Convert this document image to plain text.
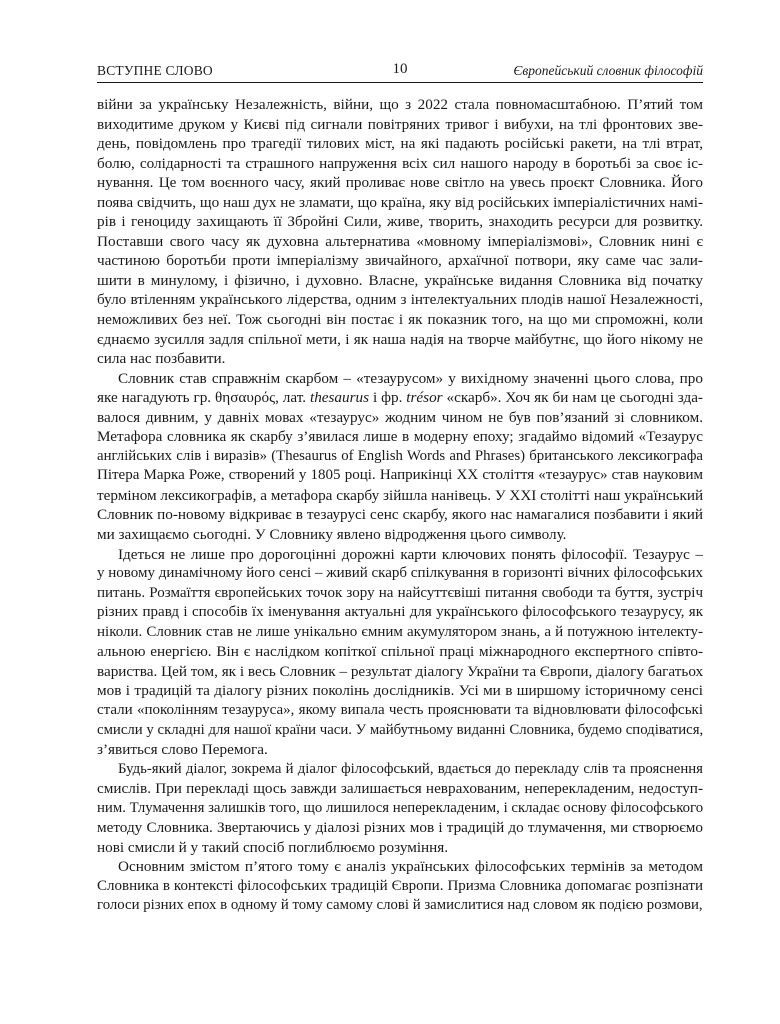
ВСТУПНЕ СЛОВО	10	Європейський словник філософій
війни за українську Незалежність, війни, що з 2022 стала повномасштабною. П’ятий том
виходитиме друком у Києві під сигнали повітряних тривог і вибухи, на тлі фронтових зве-
день, повідомлень про трагедії тилових міст, на які падають російські ракети, на тлі втрат,
болю, солідарності та страшного напруження всіх сил нашого народу в боротьбі за своє іс-
нування. Це том воєнного часу, який проливає нове світло на увесь проєкт Словника. Його
поява свідчить, що наш дух не зламати, що країна, яку від російських імперіалістичних намі-
рів і геноциду захищають її Збройні Сили, живе, творить, знаходить ресурси для розвитку.
Поставши свого часу як духовна альтернатива «мовному імперіалізмові», Словник нині є
частиною боротьби проти імперіалізму звичайного, архаїчної потвори, яку саме час зали-
шити в минулому, і фізично, і духовно. Власне, українське видання Словника від початку
було втіленням українського лідерства, одним з інтелектуальних плодів нашої Незалежності,
неможливих без неї. Тож сьогодні він постає і як показник того, на що ми спроможні, коли
єднаємо зусилля задля спільної мети, і як наша надія на творче майбутнє, що його нікому не
сила нас позбавити.
Словник став справжнім скарбом – «тезаурусом» у вихідному значенні цього слова, про
яке нагадують гр. θησαυρός, лат. thesaurus і фр. trésor «скарб». Хоч як би нам це сьогодні зда-
валося дивним, у давніх мовах «тезаурус» жодним чином не був пов’язаний зі словником.
Метафора словника як скарбу з’явилася лише в модерну епоху; згадаймо відомий «Тезаурус
англійських слів і виразів» (Thesaurus of English Words and Phrases) британського лексикографа
Пітера Марка Роже, створений у 1805 році. Наприкінці ХХ століття «тезаурус» став науковим
терміном лексикографів, а метафора скарбу зійшла нанівець. У ХХІ столітті наш український
Словник по-новому відкриває в тезаурусі сенс скарбу, якого нас намагалися позбавити і який
ми захищаємо сьогодні. У Словнику явлено відродження цього символу.
Ідеться не лише про дорогоцінні дорожні карти ключових понять філософії. Тезаурус –
у новому динамічному його сенсі – живий скарб спілкування в горизонті вічних філософських
питань. Розмаїття європейських точок зору на найсуттєвіші питання свободи та буття, зустріч
різних правд і способів їх іменування актуальні для українського філософського тезаурусу, як
ніколи. Словник став не лише унікально ємним акумулятором знань, а й потужною інтелекту-
альною енергією. Він є наслідком копіткої спільної праці міжнародного експертного співто-
вариства. Цей том, як і весь Словник – результат діалогу України та Європи, діалогу багатьох
мов і традицій та діалогу різних поколінь дослідників. Усі ми в ширшому історичному сенсі
стали «поколінням тезауруса», якому випала честь прояснювати та відновлювати філософські
смисли у складні для нашої країни часи. У майбутньому виданні Словника, будемо сподіватися,
з’явиться слово Перемога.
Будь-який діалог, зокрема й діалог філософський, вдається до перекладу слів та прояснення
смислів. При перекладі щось завжди залишається неврахованим, неперекладеним, недоступ-
ним. Тлумачення залишків того, що лишилося неперекладеним, і складає основу філософського
методу Словника. Звертаючись у діалозі різних мов і традицій до тлумачення, ми створюємо
нові смисли й у такий спосіб поглиблюємо розуміння.
Основним змістом п’ятого тому є аналіз українських філософських термінів за методом
Словника в контексті філософських традицій Європи. Призма Словника допомагає розпізнати
голоси різних епох в одному й тому самому слові й замислитися над словом як подією розмови,
